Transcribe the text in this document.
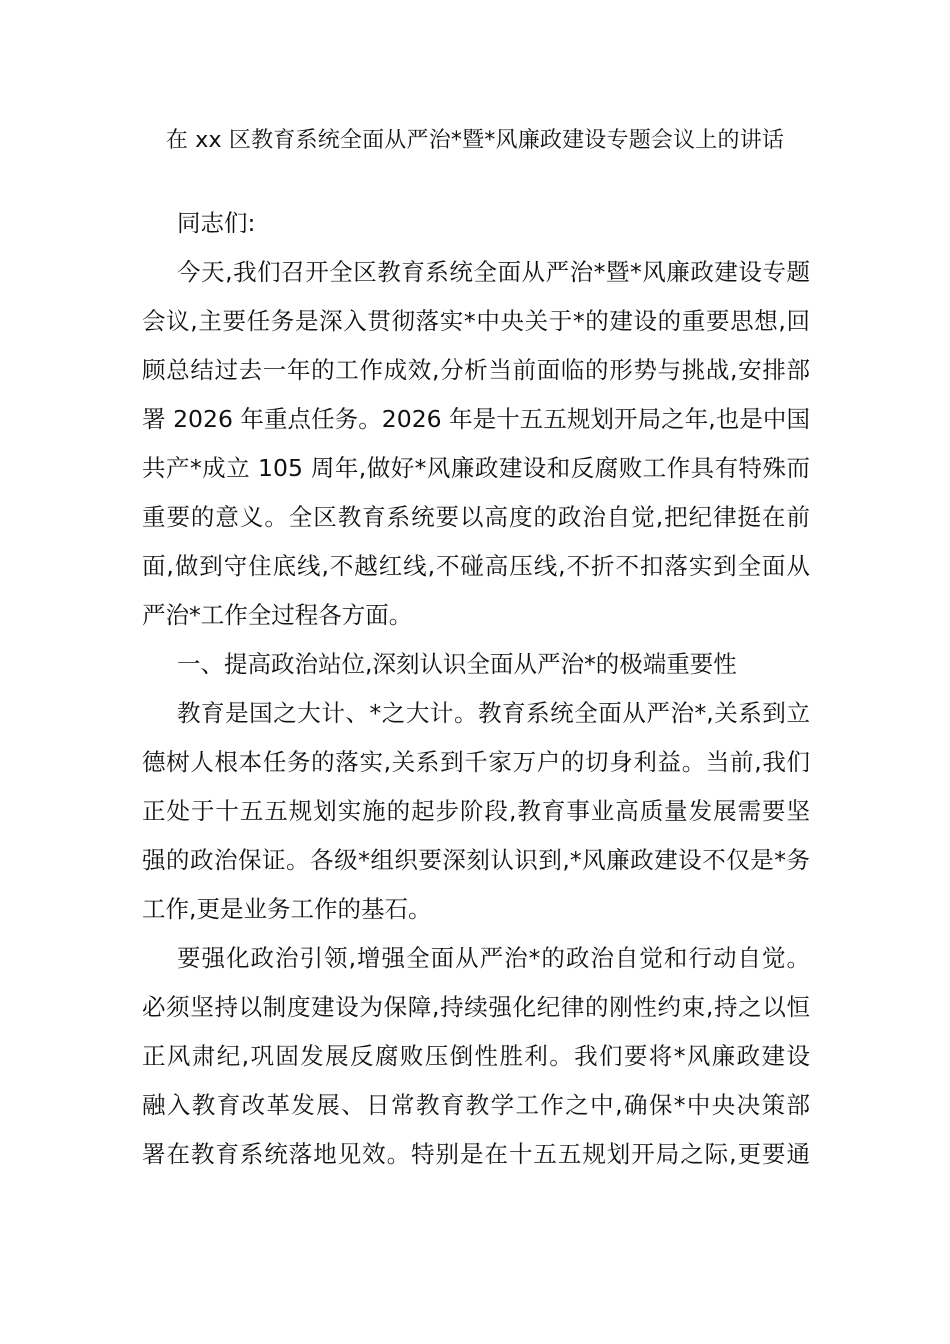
在 xx 区教育系统全面从严治*暨*风廉政建设专题会议上的讲话
同志们:
今天,我们召开全区教育系统全面从严治*暨*风廉政建设专题
会议,主要任务是深入贯彻落实*中央关于*的建设的重要思想,回
顾总结过去一年的工作成效,分析当前面临的形势与挑战,安排部
署 2026 年重点任务。2026 年是十五五规划开局之年,也是中国
共产*成立 105 周年,做好*风廉政建设和反腐败工作具有特殊而
重要的意义。全区教育系统要以高度的政治自觉,把纪律挺在前
面,做到守住底线,不越红线,不碰高压线,不折不扣落实到全面从
严治*工作全过程各方面。
一、提高政治站位,深刻认识全面从严治*的极端重要性
教育是国之大计、*之大计。教育系统全面从严治*,关系到立
德树人根本任务的落实,关系到千家万户的切身利益。当前,我们
正处于十五五规划实施的起步阶段,教育事业高质量发展需要坚
强的政治保证。各级*组织要深刻认识到,*风廉政建设不仅是*务
工作,更是业务工作的基石。
要强化政治引领,增强全面从严治*的政治自觉和行动自觉。
必须坚持以制度建设为保障,持续强化纪律的刚性约束,持之以恒
正风肃纪,巩固发展反腐败压倒性胜利。我们要将*风廉政建设
融入教育改革发展、日常教育教学工作之中,确保*中央决策部
署在教育系统落地见效。特别是在十五五规划开局之际,更要通
